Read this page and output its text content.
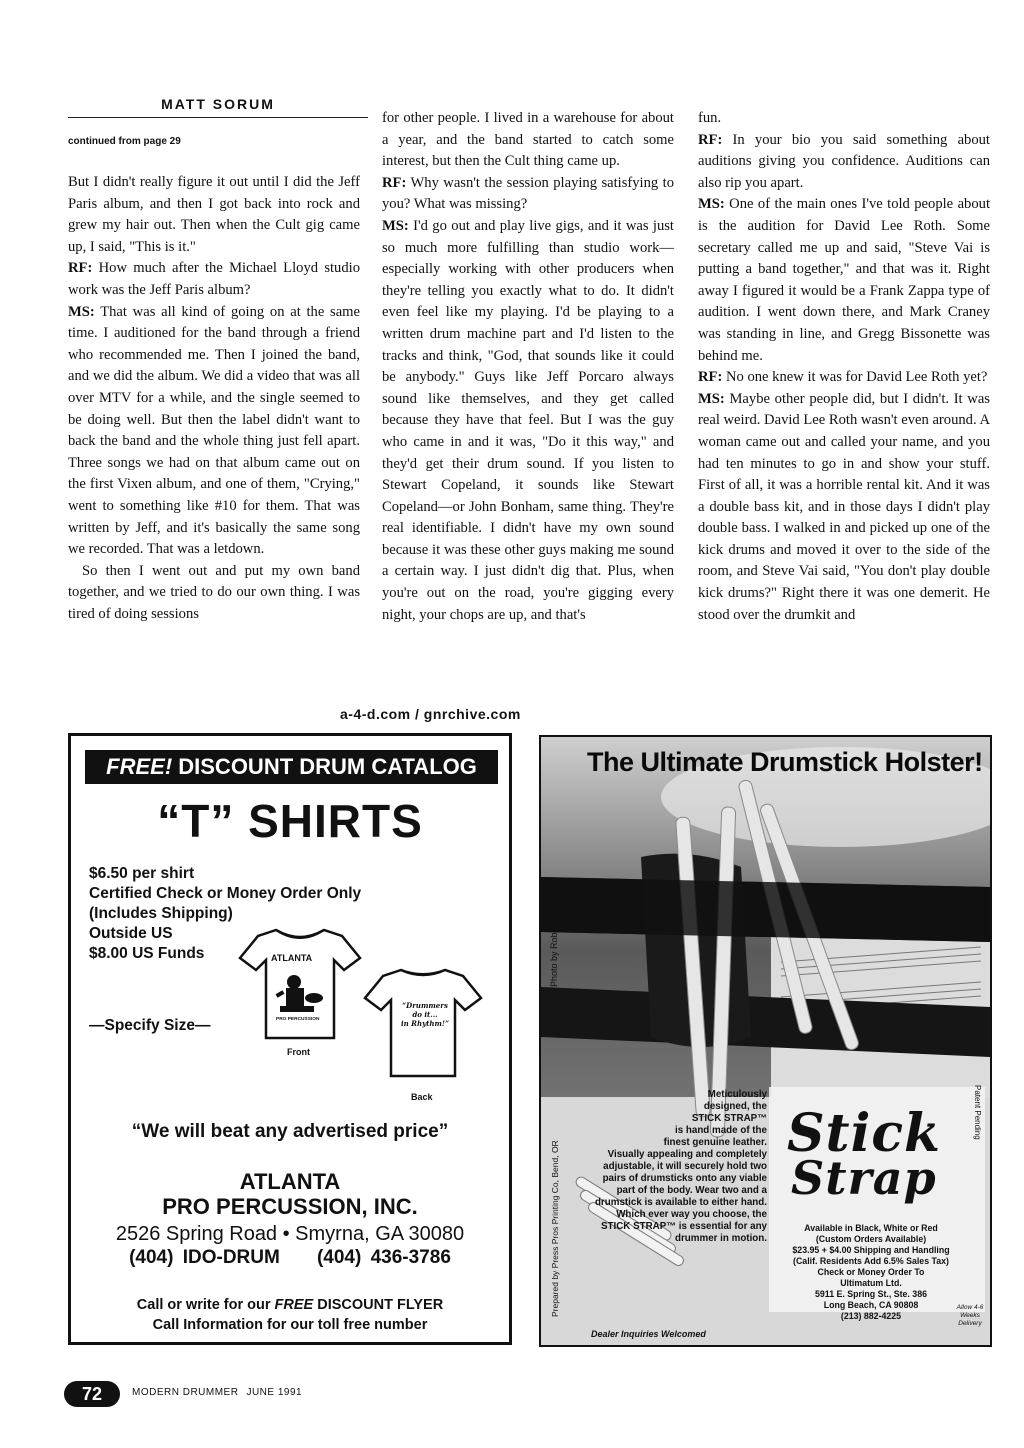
MATT SORUM
continued from page 29

But I didn't really figure it out until I did the Jeff Paris album, and then I got back into rock and grew my hair out. Then when the Cult gig came up, I said, "This is it."

RF: How much after the Michael Lloyd studio work was the Jeff Paris album?

MS: That was all kind of going on at the same time. I auditioned for the band through a friend who recommended me. Then I joined the band, and we did the album. We did a video that was all over MTV for a while, and the single seemed to be doing well. But then the label didn't want to back the band and the whole thing just fell apart. Three songs we had on that album came out on the first Vixen album, and one of them, "Crying," went to something like #10 for them. That was written by Jeff, and it's basically the same song we recorded. That was a letdown.

So then I went out and put my own band together, and we tried to do our own thing. I was tired of doing sessions

for other people. I lived in a warehouse for about a year, and the band started to catch some interest, but then the Cult thing came up.

RF: Why wasn't the session playing satisfying to you? What was missing?

MS: I'd go out and play live gigs, and it was just so much more fulfilling than studio work—especially working with other producers when they're telling you exactly what to do. It didn't even feel like my playing. I'd be playing to a written drum machine part and I'd listen to the tracks and think, "God, that sounds like it could be anybody." Guys like Jeff Porcaro always sound like themselves, and they get called because they have that feel. But I was the guy who came in and it was, "Do it this way," and they'd get their drum sound. If you listen to Stewart Copeland, it sounds like Stewart Copeland—or John Bonham, same thing. They're real identifiable. I didn't have my own sound because it was these other guys making me sound a certain way. I just didn't dig that. Plus, when you're out on the road, you're gigging every night, your chops are up, and that's

fun.

RF: In your bio you said something about auditions giving you confidence. Auditions can also rip you apart.

MS: One of the main ones I've told people about is the audition for David Lee Roth. Some secretary called me up and said, "Steve Vai is putting a band together," and that was it. Right away I figured it would be a Frank Zappa type of audition. I went down there, and Mark Craney was standing in line, and Gregg Bissonette was behind me.

RF: No one knew it was for David Lee Roth yet?

MS: Maybe other people did, but I didn't. It was real weird. David Lee Roth wasn't even around. A woman came out and called your name, and you had ten minutes to go in and show your stuff. First of all, it was a horrible rental kit. And it was a double bass kit, and in those days I didn't play double bass. I walked in and picked up one of the kick drums and moved it over to the side of the room, and Steve Vai said, "You don't play double kick drums?" Right there it was one demerit. He stood over the drumkit and

a-4-d.com / gnrchive.com
FREE! DISCOUNT DRUM CATALOG
“T” SHIRTS
$6.50 per shirt
Certified Check or Money Order Only
(Includes Shipping)
Outside US
$8.00 US Funds
—Specify Size—
ATLANTA
PRO PERCUSSION
Front
“Drummers
do it...
in Rhythm!”
Back
“We will beat any advertised price”
ATLANTA
PRO PERCUSSION, INC.
2526 Spring Road • Smyrna, GA 30080
(404) IDO-DRUM (404) 436-3786
Call or write for our FREE DISCOUNT FLYER
Call Information for our toll free number
The Ultimate Drumstick Holster!
Photo by Rob Fisher
Prepared by Press Pros Printing Co, Bend, OR
Patent Pending
Meticulously
designed, the
STICK STRAP™
is hand made of the
finest genuine leather.
Visually appealing and completely
adjustable, it will securely hold two
pairs of drumsticks onto any viable
part of the body. Wear two and a
drumstick is available to either hand.
Which ever way you choose, the
STICK STRAP™ is essential for any
drummer in motion.
Dealer Inquiries Welcomed
Stick
Strap
Available in Black, White or Red
(Custom Orders Available)
$23.95 + $4.00 Shipping and Handling
(Calif. Residents Add 6.5% Sales Tax)
Check or Money Order To
Ultimatum Ltd.
5911 E. Spring St., Ste. 386
Long Beach, CA 90808
(213) 882-4225
Allow 4-6
Weeks
Delivery
72	MODERN DRUMMER JUNE 1991
